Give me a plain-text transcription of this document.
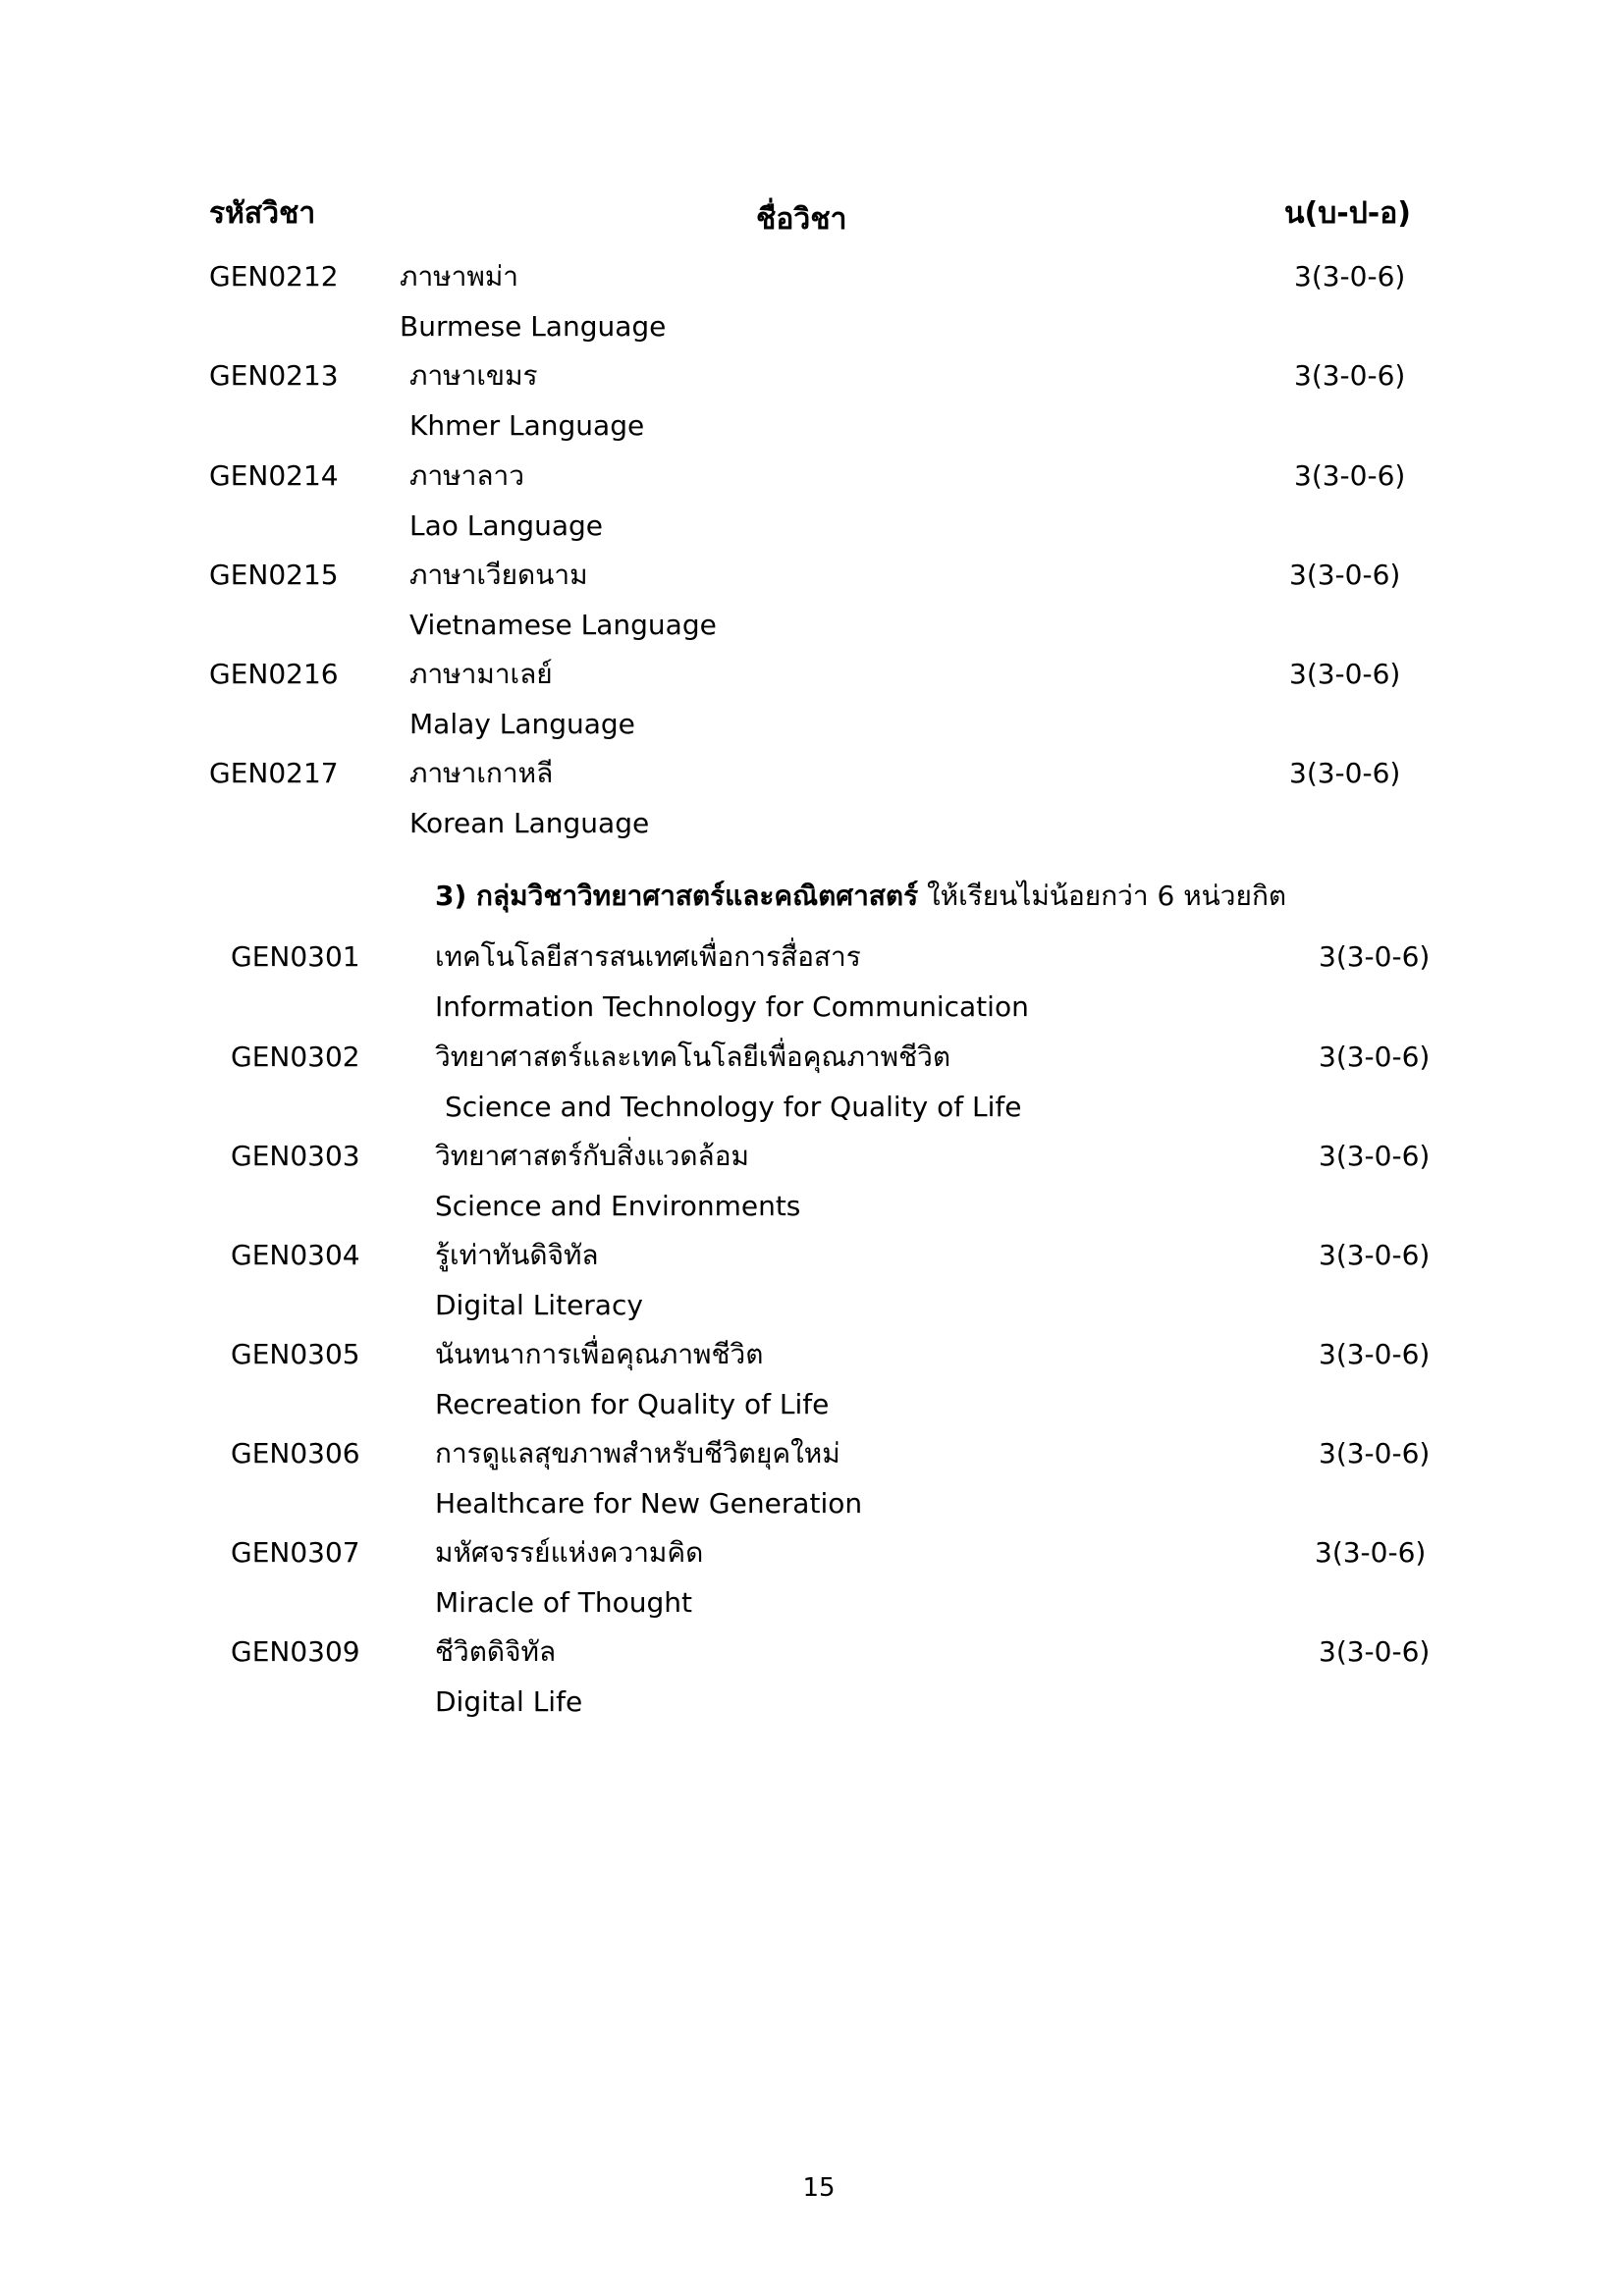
รหัสวิชา	ชื่อวิชา	น(บ-ป-อ)
GEN0212 ภาษาพม่า
Burmese Language
3(3-0-6)
GEN0213	ภาษาเขมร
Khmer Language
3(3-0-6)
GEN0214	ภาษาลาว
Lao Language
3(3-0-6)
GEN0215	ภาษาเวียดนาม
Vietnamese Language
3(3-0-6)
GEN0216	ภาษามาเลย์
Malay Language
3(3-0-6)
GEN0217	ภาษาเกาหลี
Korean Language
3(3-0-6)
3) กลุ่มวิชาวิทยาศาสตร์และคณิตศาสตร์ ให้เรียนไม่น้อยกว่า 6 หน่วยกิต
GEN0301	เทคโนโลยีสารสนเทศเพื่อการสื่อสาร
Information Technology for Communication
3(3-0-6)
GEN0302	วิทยาศาสตร์และเทคโนโลยีเพื่อคุณภาพชีวิต
Science and Technology for Quality of Life
3(3-0-6)
GEN0303	วิทยาศาสตร์กับสิ่งแวดล้อม
Science and Environments
3(3-0-6)
GEN0304	รู้เท่าทันดิจิทัล
Digital Literacy
3(3-0-6)
GEN0305	นันทนาการเพื่อคุณภาพชีวิต
Recreation for Quality of Life
3(3-0-6)
GEN0306	การดูแลสุขภาพสำหรับชีวิตยุคใหม่
Healthcare for New Generation
3(3-0-6)
GEN0307	มหัศจรรย์แห่งความคิด
Miracle of Thought
3(3-0-6)
GEN0309	ชีวิตดิจิทัล
Digital Life
3(3-0-6)
15
